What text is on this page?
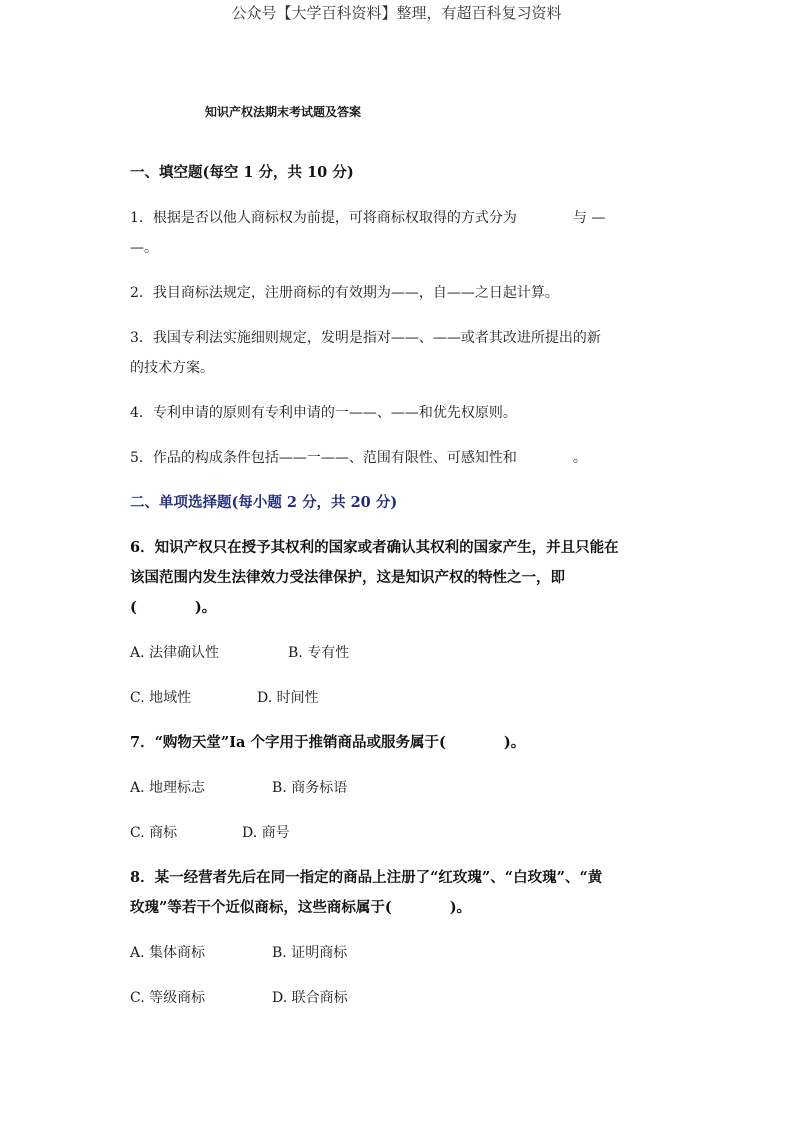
公众号【大学百科资料】整理，有超百科复习资料
知识产权法期末考试题及答案
一、填空题(每空 1 分，共 10 分)
1．根据是否以他人商标权为前提，可将商标权取得的方式分为	与 —
—。
2．我目商标法规定，注册商标的有效期为——，自——之日起计算。
3．我国专利法实施细则规定，发明是指对——、——或者其改进所提出的新
的技术方案。
4．专利申请的原则有专利申请的一——、——和优先权原则。
5．作品的构成条件包括——一——、范围有限性、可感知性和	。
二、单项选择题(每小题 2 分，共 20 分)
6．知识产权只在授予其权利的国家或者确认其权利的国家产生，并且只能在
该国范围内发生法律效力受法律保护，这是知识产权的特性之一，即
(　　　　)。
A. 法律确认性	B. 专有性
C. 地域性	D. 时间性
7．“购物天堂”Ia 个字用于推销商品或服务属于(　　　　)。
A. 地理标志	B. 商务标语
C. 商标	D. 商号
8．某一经营者先后在同一指定的商品上注册了“红玫瑰”、“白玫瑰”、“黄
玫瑰”等若干个近似商标，这些商标属于(　　　　)。
A. 集体商标	B. 证明商标
C. 等级商标	D. 联合商标
